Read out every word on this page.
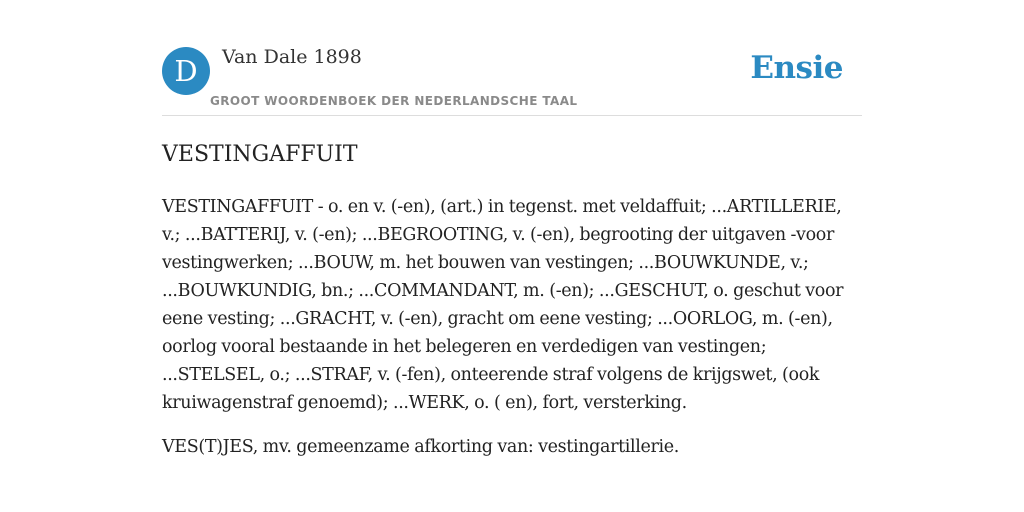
D	Van Dale 1898
GROOT WOORDENBOEK DER NEDERLANDSCHE TAAL
Ensie
VESTINGAFFUIT

VESTINGAFFUIT - o. en v. (-en), (art.) in tegenst. met veldaffuit; ...ARTILLERIE, v.; ...BATTERIJ, v. (-en); ...BEGROOTING, v. (-en), begrooting der uitgaven -voor vestingwerken; ...BOUW, m. het bouwen van vestingen; ...BOUWKUNDE, v.; ...BOUWKUNDIG, bn.; ...COMMANDANT, m. (-en); ...GESCHUT, o. geschut voor eene vesting; ...GRACHT, v. (-en), gracht om eene vesting; ...OORLOG, m. (-en), oorlog vooral bestaande in het belegeren en verdedigen van vestingen; ...STELSEL, o.; ...STRAF, v. (-fen), onteerende straf volgens de krijgswet, (ook kruiwagenstraf genoemd); ...WERK, o. ( en), fort, versterking.

VES(T)JES, mv. gemeenzame afkorting van: vestingartillerie.
